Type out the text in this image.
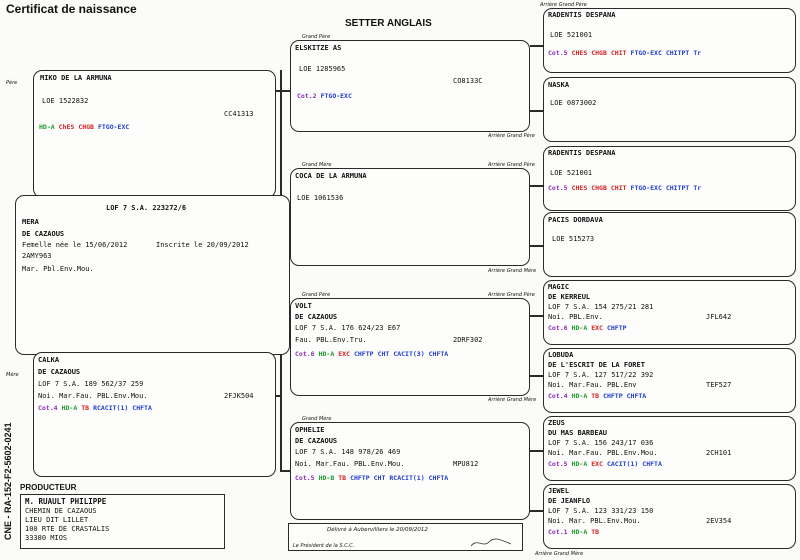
Certificat de naissance
SETTER ANGLAIS
CNE - RA-152-F2-5602-0241
Père
MIKO DE LA ARMUNA
LOE 1522832
CC41313
HD-A ChES CHGB FTGO-EXC
LOF 7 S.A. 223272/6
MERA
DE CAZAOUS
Femelle née le 15/06/2012	Inscrite le 20/09/2012
2AMY963
Mar. Pbl.Env.Mou.
Mère
CALKA
DE CAZAOUS
LOF 7 S.A. 189 562/37 259
Noi. Mar.Fau. PBL.Env.Mou.	2FJK504
Cot.4 HD-A TB RCACIT(1) CHFTA
Grand Père
ELSKITZE AS
LOE 1285965
CO8133C
Cot.2 FTGO-EXC
Arrière Grand Père
Grand Mère	Arrière Grand Père
COCA DE LA ARMUNA
LOE 1061536
Arrière Grand Mère
Grand Père	Arrière Grand Père
VOLT
DE CAZAOUS
LOF 7 S.A. 176 624/23 E67
Fau. PBL.Env.Tru.	2DRF302
Cot.6 HD-A EXC CHFTP CHT CACIT(3) CHFTA
Arrière Grand Mère
Grand Mère
OPHELIE
DE CAZAOUS
LOF 7 S.A. 148 978/26 469
Noi. Mar.Fau. PBL.Env.Mou.	MPU812
Cot.5 HD-B TB CHFTP CHT RCACIT(1) CHFTA
Arrière Grand Père
RADENTIS DESPANA
LOE 521001
Cot.5 CHES CHGB CHIT FTGO-EXC CHITPT Tr
NASKA
LOE 0873002
RADENTIS DESPANA
LOE 521001
Cot.5 CHES CHGB CHIT FTGO-EXC CHITPT Tr
PACIS DORDAVA
LOE 515273
MAGIC
DE KERREUL
LOF 7 S.A. 154 275/21 281
Noi. PBL.Env.	JFL642
Cot.6 HD-A EXC CHFTP
LOBUDA
DE L'ESCRIT DE LA FORET
LOF 7 S.A. 127 517/22 392
Noi. Mar.Fau. PBL.Env	TEF527
Cot.4 HD-A TB CHFTP CHFTA
ZEUS
DU MAS BARBEAU
LOF 7 S.A. 156 243/17 036
Noi. Mar.Fau. PBL.Env.Mou.	2CH101
Cot.5 HD-A EXC CACIT(1) CHFTA
JEWEL
DE JEANFLO
LOF 7 S.A. 123 331/23 150
Noi. Mar. PBL.Env.Mou.	2EV354
Cot.1 HD-A TB
Arrière Grand Mère
PRODUCTEUR
M. RUAULT PHILIPPE
CHEMIN DE CAZAOUS
LIEU DIT LILLET
100 RTE DE CRASTALIS
33380 MIOS
Délivré à Aubervilliers le 20/09/2012
Le Président de la S.C.C.
